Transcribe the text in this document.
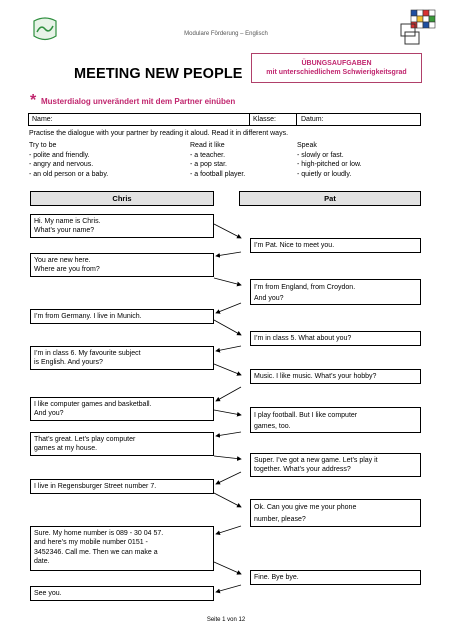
Modulare Förderung – Englisch
MEETING NEW PEOPLE
ÜBUNGSAUFGABEN
mit unterschiedlichem Schwierigkeitsgrad
* Musterdialog unverändert mit dem Partner einüben
Name:	Klasse:	Datum:
Practise the dialogue with your partner by reading it aloud. Read it in different ways.
Try to be
- polite and friendly.
- angry and nervous.
- an old person or a baby.
Read it like
- a teacher.
- a pop star.
- a football player.
Speak
- slowly or fast.
- high-pitched or low.
- quietly or loudly.
Chris	Pat
Hi. My name is Chris.
What’s your name?
You are new here.
Where are you from?
I’m from Germany. I live in Munich.
I’m in class 6. My favourite subject
is English. And yours?
I like computer games and basketball.
And you?
That’s great. Let’s play computer
games at my house.
I live in Regensburger Street number 7.
Sure. My home number is 089 - 30 04 57.
and here’s my mobile number 0151 -
3452346. Call me. Then we can make a
date.
See you.
I’m Pat. Nice to meet you.
I’m from England, from Croydon.
And you?
I’m in class 5. What about you?
Music. I like music. What’s your hobby?
I play football. But I like computer
games, too.
Super. I’ve got a new game. Let’s play it
together. What’s your address?
Ok. Can you give me your phone
number, please?
Fine. Bye bye.
Seite 1 von 12
